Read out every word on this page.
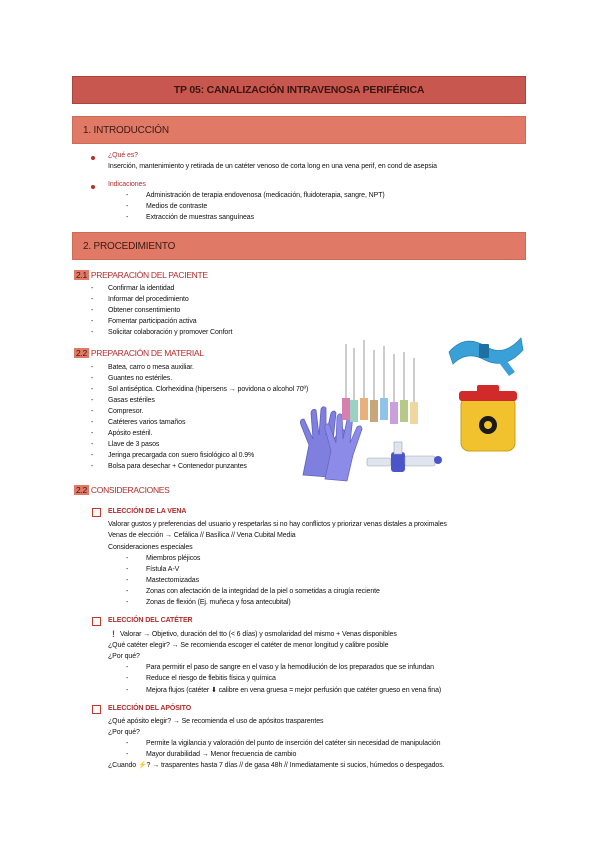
TP 05: CANALIZACIÓN INTRAVENOSA PERIFÉRICA
1. INTRODUCCIÓN
¿Qué es?
Inserción, mantenimiento y retirada de un catéter venoso de corta long en una vena perif, en cond de asepsia
Indicaciones
-	Administración de terapia endovenosa (medicación, fluidoterapia, sangre, NPT)
-	Medios de contraste
-	Extracción de muestras sanguíneas
2. PROCEDIMIENTO
2.1 PREPARACIÓN DEL PACIENTE
- Confirmar la identidad
- Informar del procedimiento
- Obtener consentimiento
- Fomentar participación activa
- Solicitar colaboración y promover Confort
2.2 PREPARACIÓN DE MATERIAL
- Batea, carro o mesa auxiliar.
- Guantes no estériles.
- Sol antiséptica. Clorhexidina (hipersens → povidona o alcohol 70º)
- Gasas estériles
- Compresor.
- Catéteres varios tamaños
- Apósito estéril.
- Llave de 3 pasos
- Jeringa precargada con suero fisiológico al 0.9%
- Bolsa para desechar + Contenedor punzantes
2.2 CONSIDERACIONES
ELECCIÓN DE LA VENA
Valorar gustos y preferencias del usuario y respetarlas si no hay conflictos y priorizar venas distales a proximales
Venas de elección → Cefálica // Basílica // Vena Cubital Media
Consideraciones especiales
-	Miembros pléjicos
-	Fístula A-V
-	Mastectomizadas
-	Zonas con afectación de la integridad de la piel o sometidas a cirugía reciente
-	Zonas de flexión (Ej. muñeca y fosa antecubital)
ELECCIÓN DEL CATÉTER
! Valorar → Objetivo, duración del tto (< 6 días) y osmolaridad del mismo + Venas disponibles
¿Qué catéter elegir? → Se recomienda escoger el catéter de menor longitud y calibre posible
¿Por qué?
-	Para permitir el paso de sangre en el vaso y la hemodilución de los preparados que se infundan
-	Reduce el riesgo de flebitis física y química
-	Mejora flujos (catéter ⬇ calibre en vena gruesa = mejor perfusión que catéter grueso en vena fina)
ELECCIÓN DEL APÓSITO
¿Qué apósito elegir? → Se recomienda el uso de apósitos trasparentes
¿Por qué?
-	Permite la vigilancia y valoración del punto de inserción del catéter sin necesidad de manipulación
-	Mayor durabilidad → Menor frecuencia de cambio
¿Cuando ⚡? → trasparentes hasta 7 días // de gasa 48h // Inmediatamente si sucios, húmedos o despegados.
